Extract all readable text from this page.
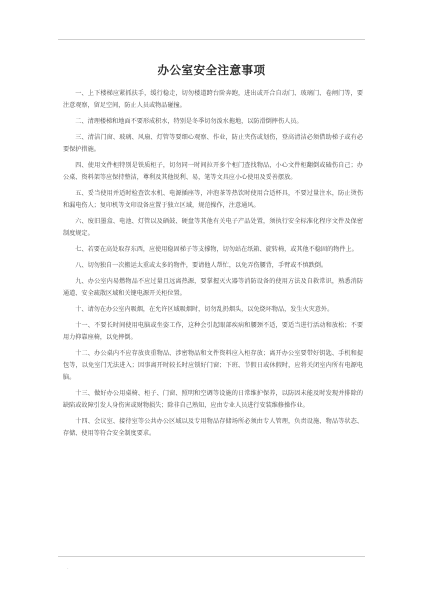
办公室安全注意事项

一、上下楼梯应紧抓扶手，缓行稳走，切勿楼道跨台阶奔跑，进出或开合自动门、玻璃门、卷闸门等，要注意观察，留足空间，防止人员或物品碰撞。

二、清理楼梯和地面不要形成积水，特别是冬季切勿泼水拖地，以防滑倒摔伤人员。

三、清洁门窗、玻璃、风扇、灯管等要细心观察、作业，防止夹伤或划伤，登高清洁必须借助梯子或有必要保护措施。

四、使用文件柜特别是铁质柜子，切勿同一时间拉开多个柜门查找物品，小心文件柜翻倒或磕伤自己；办公桌、资料架等应保持整洁，尊利及其他锐利、易，笔等文具应小心使用及妥善摆放。

五、妥当使用并适时检查饮水机、电源插座等，冲泡茶等热饮时使用合适杯具，不要过量注水，防止烫伤和漏电伤人；复印机等文印设备应置于独立区域，规范操作，注意通风。

六、废旧墨盒、电池、灯管以及硒鼓、硬盘等其他有关电子产品处置，须执行安全标准化程序文件及保密制度规定。

七、若要在高处取存东西，应使用稳固梯子等支撑物，切勿站在纸箱、旋转椅，或其他不稳固的物件上。

八、切勿独自一次搬运太重或太多的物件，要请他人帮忙，以免弄伤腰背，手臂或不慎跌倒。

九、办公室内易燃物品不应过量且远离热源，要掌握灭火器等消防设备的使用方法及自救常识，熟悉消防通道、安全疏散区域和关键电源开关柜位置。

十、请勿在办公室内吸烟，在允许区域吸烟时，切勿乱扔烟头，以免烧坏物品，发生火灾意外。

十一、不要长时间使用电脑或坐姿工作，这种会引起眼部疾病和腰颈不适，要适当进行活动和放松；不要用力抑靠座椅，以免摔倒。

十二、办公桌内不应存放贵重物品、涉密物品和文件资料应入柜存放；离开办公室要带好钥匙、手机和提包等，以免室门无法进入；因事离开时较长时应锁好门窗；下班、节假日或休假时，应将关闭室内所有电源电脑。

十三、做好办公用桌椅、柜子、门窗、照明和空调等设施的日常维护保养，以防因未能及时发现并排除的缺陷或故障引发人身伤害或财物损失；除非自己熟知，应由专业人员进行安装维修操作业。

十四、会议室、接待室等公共办公区域以及专用物品存储场所必须由专人管理，负责设施、物品等状态、存储、使用等符合安全制度要求。

.
